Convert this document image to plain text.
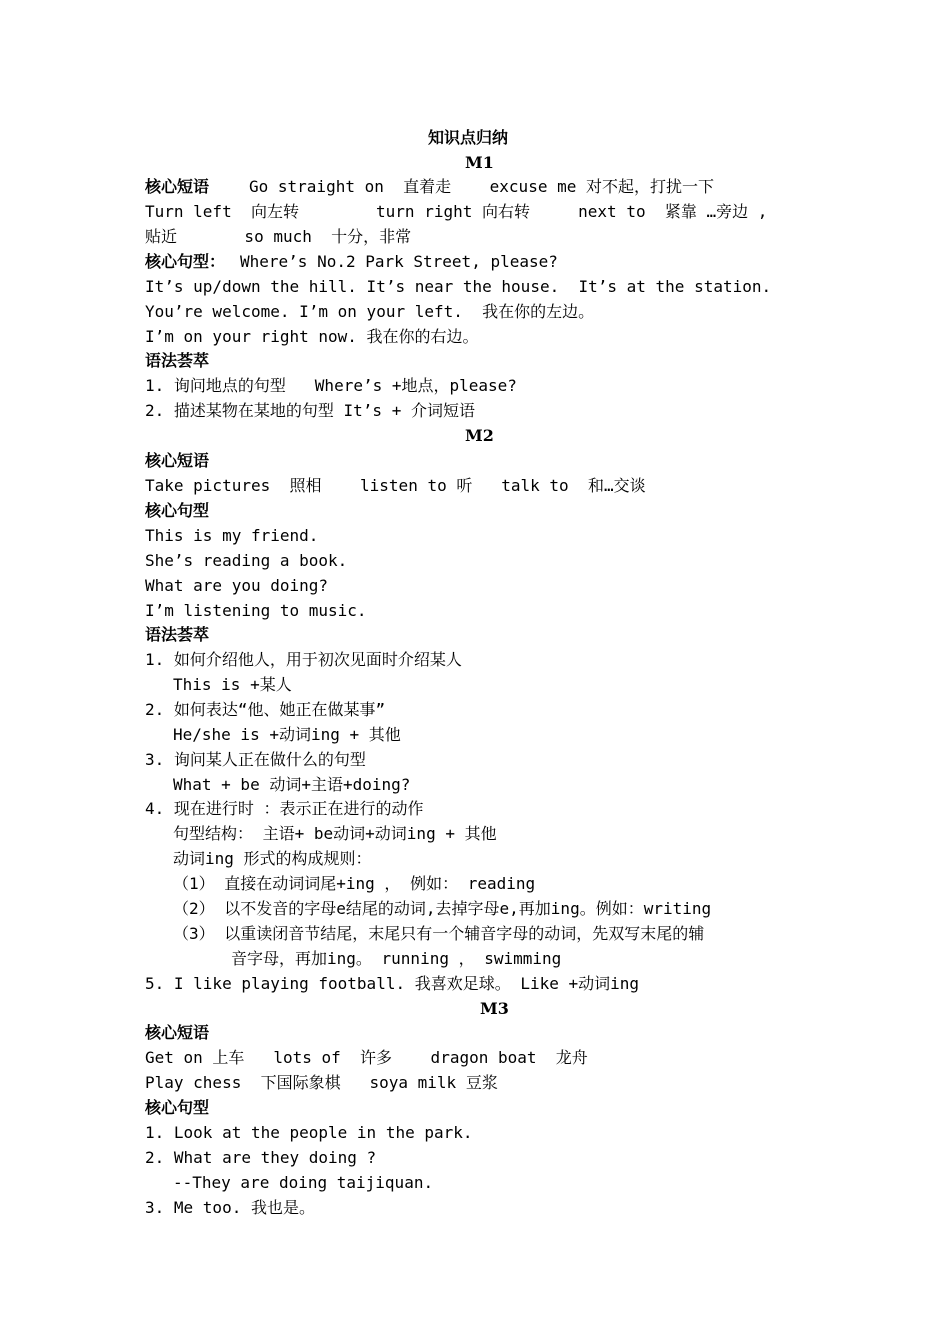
知识点归纳
M1
核心短语 Go straight on  直着走    excuse me 对不起，打扰一下
Turn left  向左转        turn right 向右转     next to  紧靠 …旁边 ,
贴近       so much  十分，非常
核心句型： Where’s No.2 Park Street, please?
It’s up/down the hill. It’s near the house.  It’s at the station.
You’re welcome. I’m on your left.  我在你的左边。
I’m on your right now. 我在你的右边。
语法荟萃
1. 询问地点的句型   Where’s +地点，please?
2. 描述某物在某地的句型 It’s + 介词短语
M2
核心短语
Take pictures  照相    listen to 听   talk to  和…交谈
核心句型
This is my friend.
She’s reading a book.
What are you doing?
I’m listening to music.
语法荟萃
1. 如何介绍他人，用于初次见面时介绍某人
This is +某人
2. 如何表达“他、她正在做某事”
He/she is +动词ing + 其他
3. 询问某人正在做什么的句型
What + be 动词+主语+doing?
4. 现在进行时 ：表示正在进行的动作
句型结构： 主语+ be动词+动词ing + 其他
动词ing 形式的构成规则：
（1） 直接在动词词尾+ing ， 例如： reading
（2） 以不发音的字母e结尾的动词,去掉字母e,再加ing。例如：writing
（3） 以重读闭音节结尾，末尾只有一个辅音字母的动词，先双写末尾的辅
音字母，再加ing。 running ， swimming
5. I like playing football. 我喜欢足球。 Like +动词ing
M3
核心短语
Get on 上车   lots of  许多    dragon boat  龙舟
Play chess  下国际象棋   soya milk 豆浆
核心句型
1. Look at the people in the park.
2. What are they doing ?
--They are doing taijiquan.
3. Me too. 我也是。
